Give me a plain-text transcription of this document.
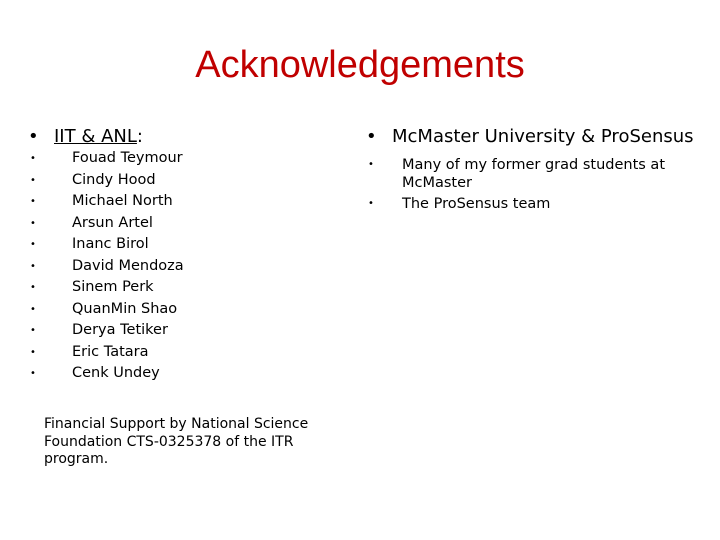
Acknowledgements
• IIT & ANL:
•	Fouad Teymour
•	Cindy Hood
•	Michael North
•	Arsun Artel
•	Inanc Birol
•	David Mendoza
•	Sinem Perk
•	QuanMin Shao
•	Derya Tetiker
•	Eric Tatara
•	Cenk Undey
• McMaster University & ProSensus
•	Many of my former grad students at McMaster
•	The ProSensus team
Financial Support by National Science Foundation CTS-0325378 of the ITR program.
